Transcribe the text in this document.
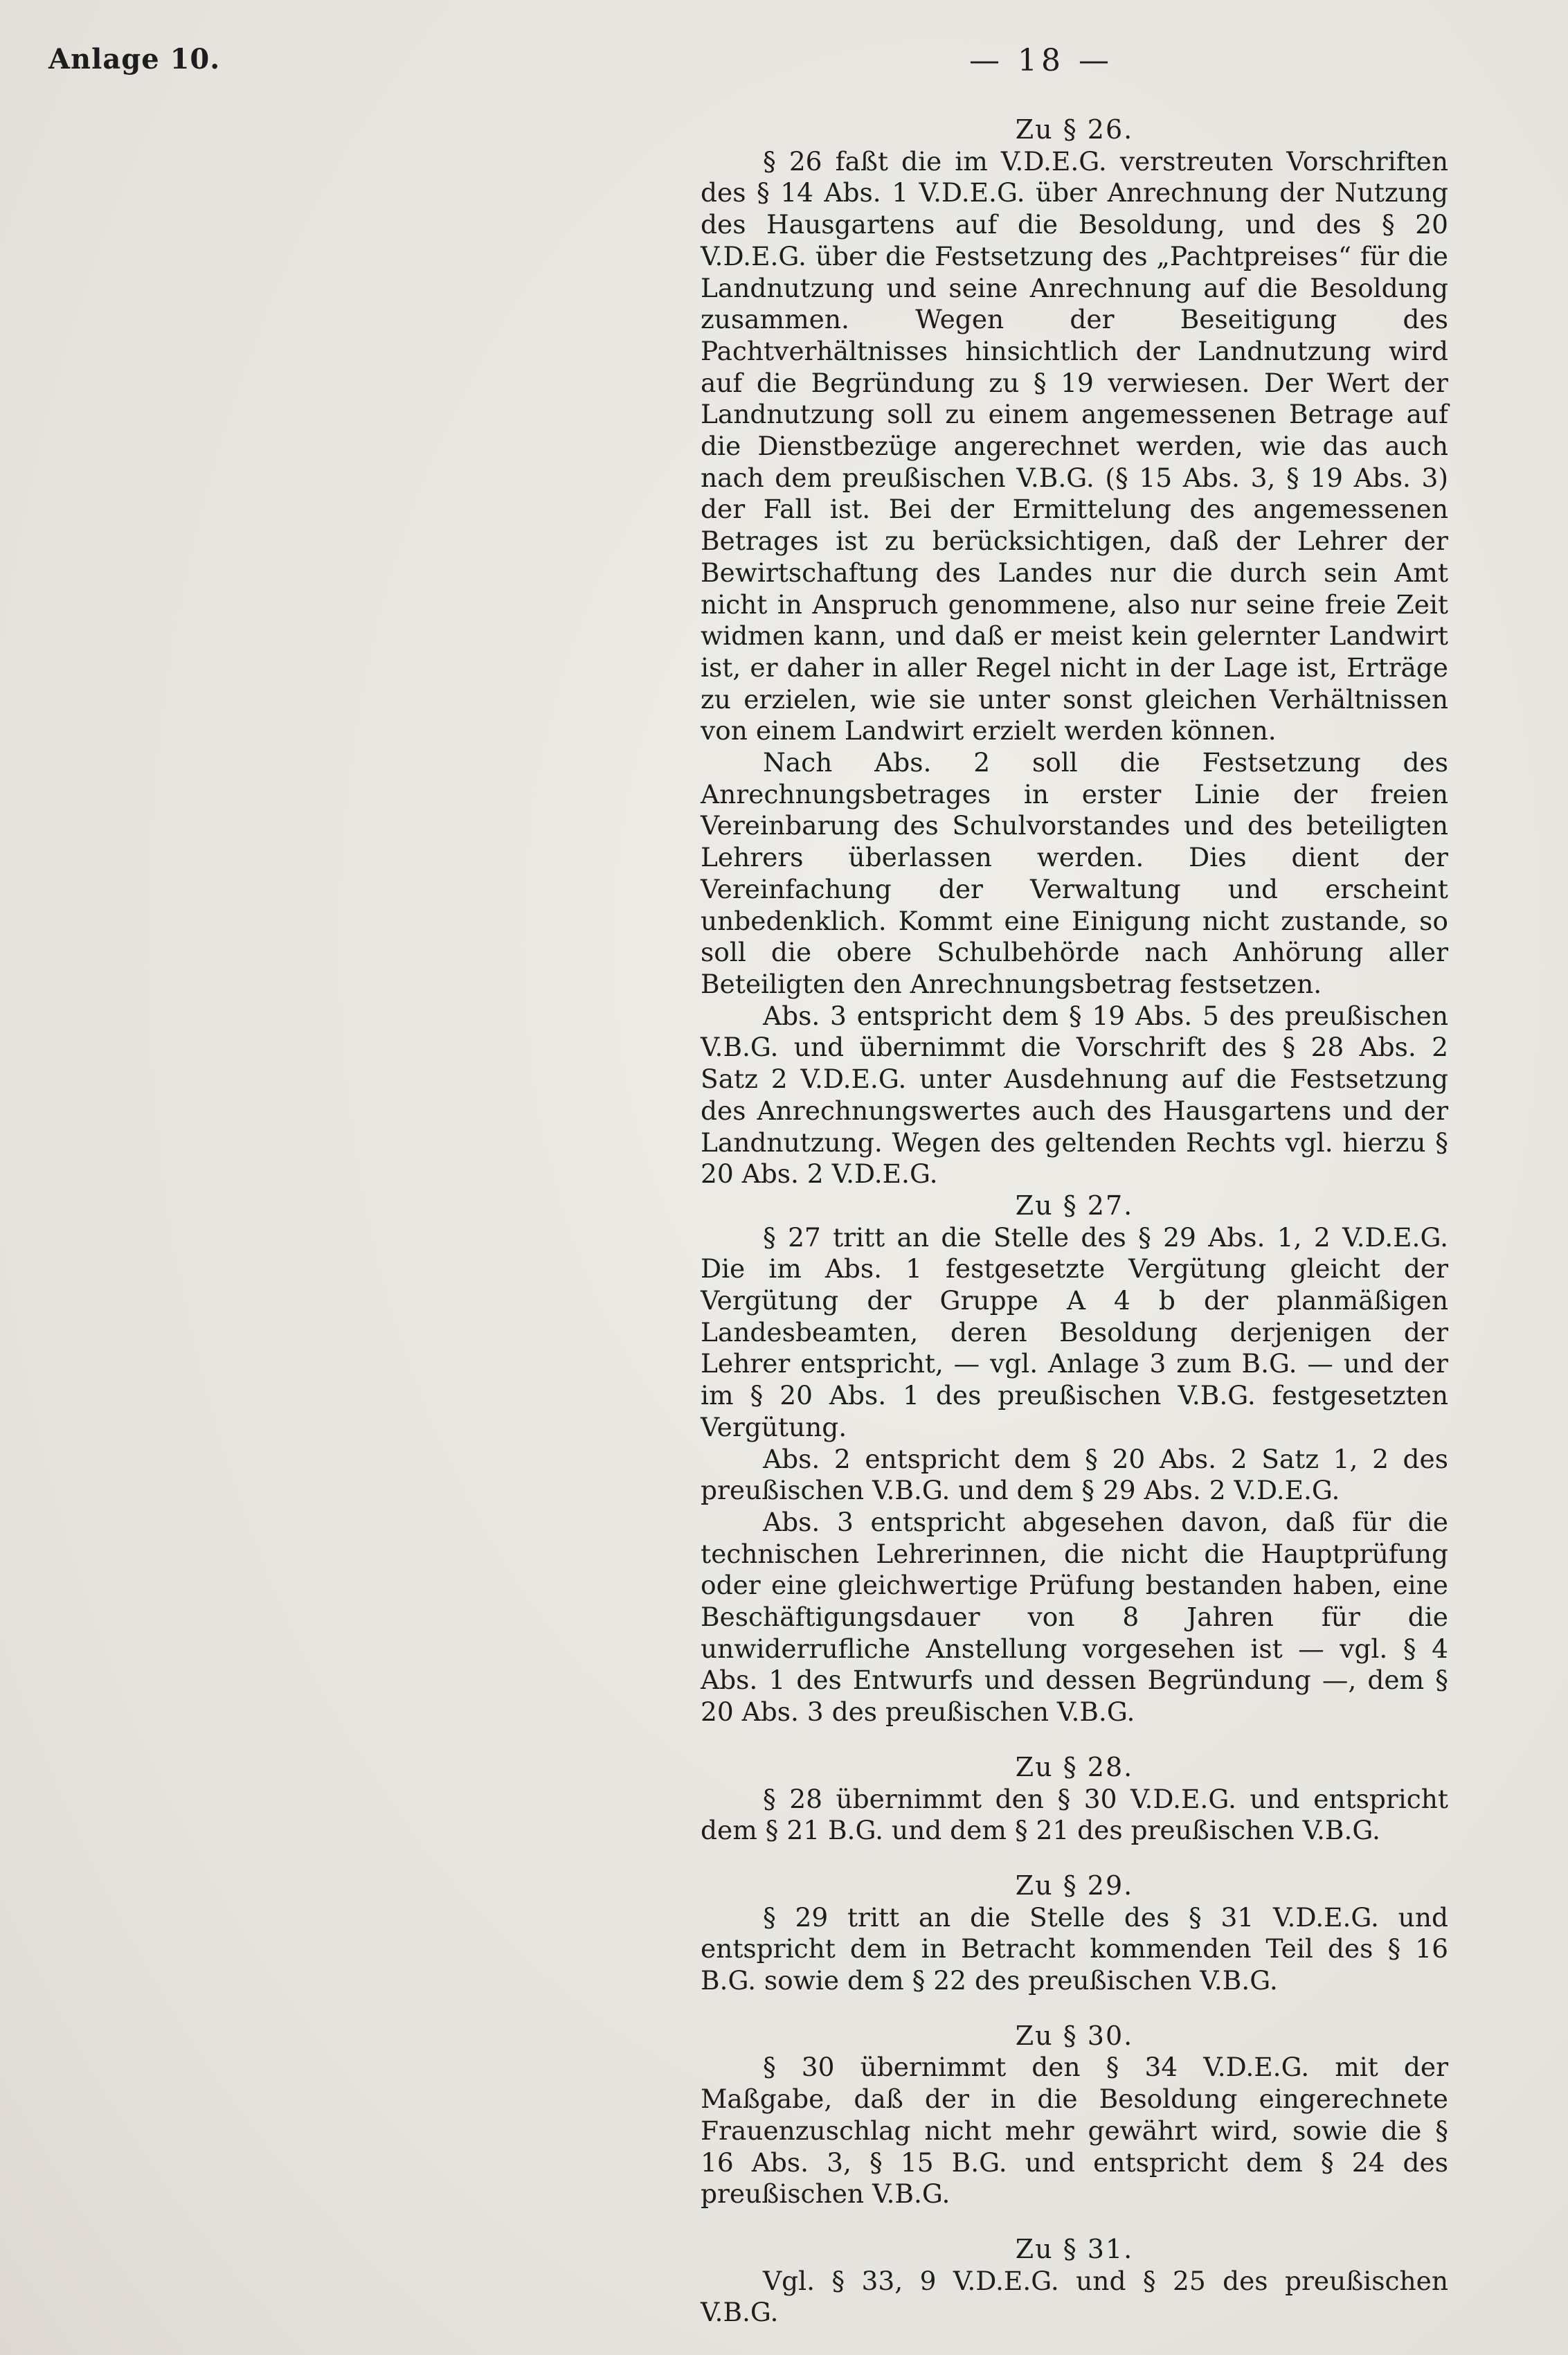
Anlage 10.	— 18 —

Zu § 26.

§ 26 faßt die im V.D.E.G. verstreuten Vorschriften des § 14 Abs. 1 V.D.E.G. über Anrechnung der Nutzung des Hausgartens auf die Besoldung, und des § 20 V.D.E.G. über die Festsetzung des „Pachtpreises“ für die Landnutzung und seine Anrechnung auf die Besoldung zusammen. Wegen der Beseitigung des Pachtverhältnisses hinsichtlich der Landnutzung wird auf die Begründung zu § 19 verwiesen. Der Wert der Landnutzung soll zu einem angemessenen Betrage auf die Dienstbezüge angerechnet werden, wie das auch nach dem preußischen V.B.G. (§ 15 Abs. 3, § 19 Abs. 3) der Fall ist. Bei der Ermittelung des angemessenen Betrages ist zu berücksichtigen, daß der Lehrer der Bewirtschaftung des Landes nur die durch sein Amt nicht in Anspruch genommene, also nur seine freie Zeit widmen kann, und daß er meist kein gelernter Landwirt ist, er daher in aller Regel nicht in der Lage ist, Erträge zu erzielen, wie sie unter sonst gleichen Verhältnissen von einem Landwirt erzielt werden können.

Nach Abs. 2 soll die Festsetzung des Anrechnungsbetrages in erster Linie der freien Vereinbarung des Schulvorstandes und des beteiligten Lehrers überlassen werden. Dies dient der Vereinfachung der Verwaltung und erscheint unbedenklich. Kommt eine Einigung nicht zustande, so soll die obere Schulbehörde nach Anhörung aller Beteiligten den Anrechnungsbetrag festsetzen.

Abs. 3 entspricht dem § 19 Abs. 5 des preußischen V.B.G. und übernimmt die Vorschrift des § 28 Abs. 2 Satz 2 V.D.E.G. unter Ausdehnung auf die Festsetzung des Anrechnungswertes auch des Hausgartens und der Landnutzung. Wegen des geltenden Rechts vgl. hierzu § 20 Abs. 2 V.D.E.G.

Zu § 27.

§ 27 tritt an die Stelle des § 29 Abs. 1, 2 V.D.E.G. Die im Abs. 1 festgesetzte Vergütung gleicht der Vergütung der Gruppe A 4 b der planmäßigen Landesbeamten, deren Besoldung derjenigen der Lehrer entspricht, — vgl. Anlage 3 zum B.G. — und der im § 20 Abs. 1 des preußischen V.B.G. festgesetzten Vergütung.

Abs. 2 entspricht dem § 20 Abs. 2 Satz 1, 2 des preußischen V.B.G. und dem § 29 Abs. 2 V.D.E.G.

Abs. 3 entspricht abgesehen davon, daß für die technischen Lehrerinnen, die nicht die Hauptprüfung oder eine gleichwertige Prüfung bestanden haben, eine Beschäftigungsdauer von 8 Jahren für die unwiderrufliche Anstellung vorgesehen ist — vgl. § 4 Abs. 1 des Entwurfs und dessen Begründung —, dem § 20 Abs. 3 des preußischen V.B.G.

Zu § 28.

§ 28 übernimmt den § 30 V.D.E.G. und entspricht dem § 21 B.G. und dem § 21 des preußischen V.B.G.

Zu § 29.

§ 29 tritt an die Stelle des § 31 V.D.E.G. und entspricht dem in Betracht kommenden Teil des § 16 B.G. sowie dem § 22 des preußischen V.B.G.

Zu § 30.

§ 30 übernimmt den § 34 V.D.E.G. mit der Maßgabe, daß der in die Besoldung eingerechnete Frauenzuschlag nicht mehr gewährt wird, sowie die § 16 Abs. 3, § 15 B.G. und entspricht dem § 24 des preußischen V.B.G.

Zu § 31.

Vgl. § 33, 9 V.D.E.G. und § 25 des preußischen V.B.G.
